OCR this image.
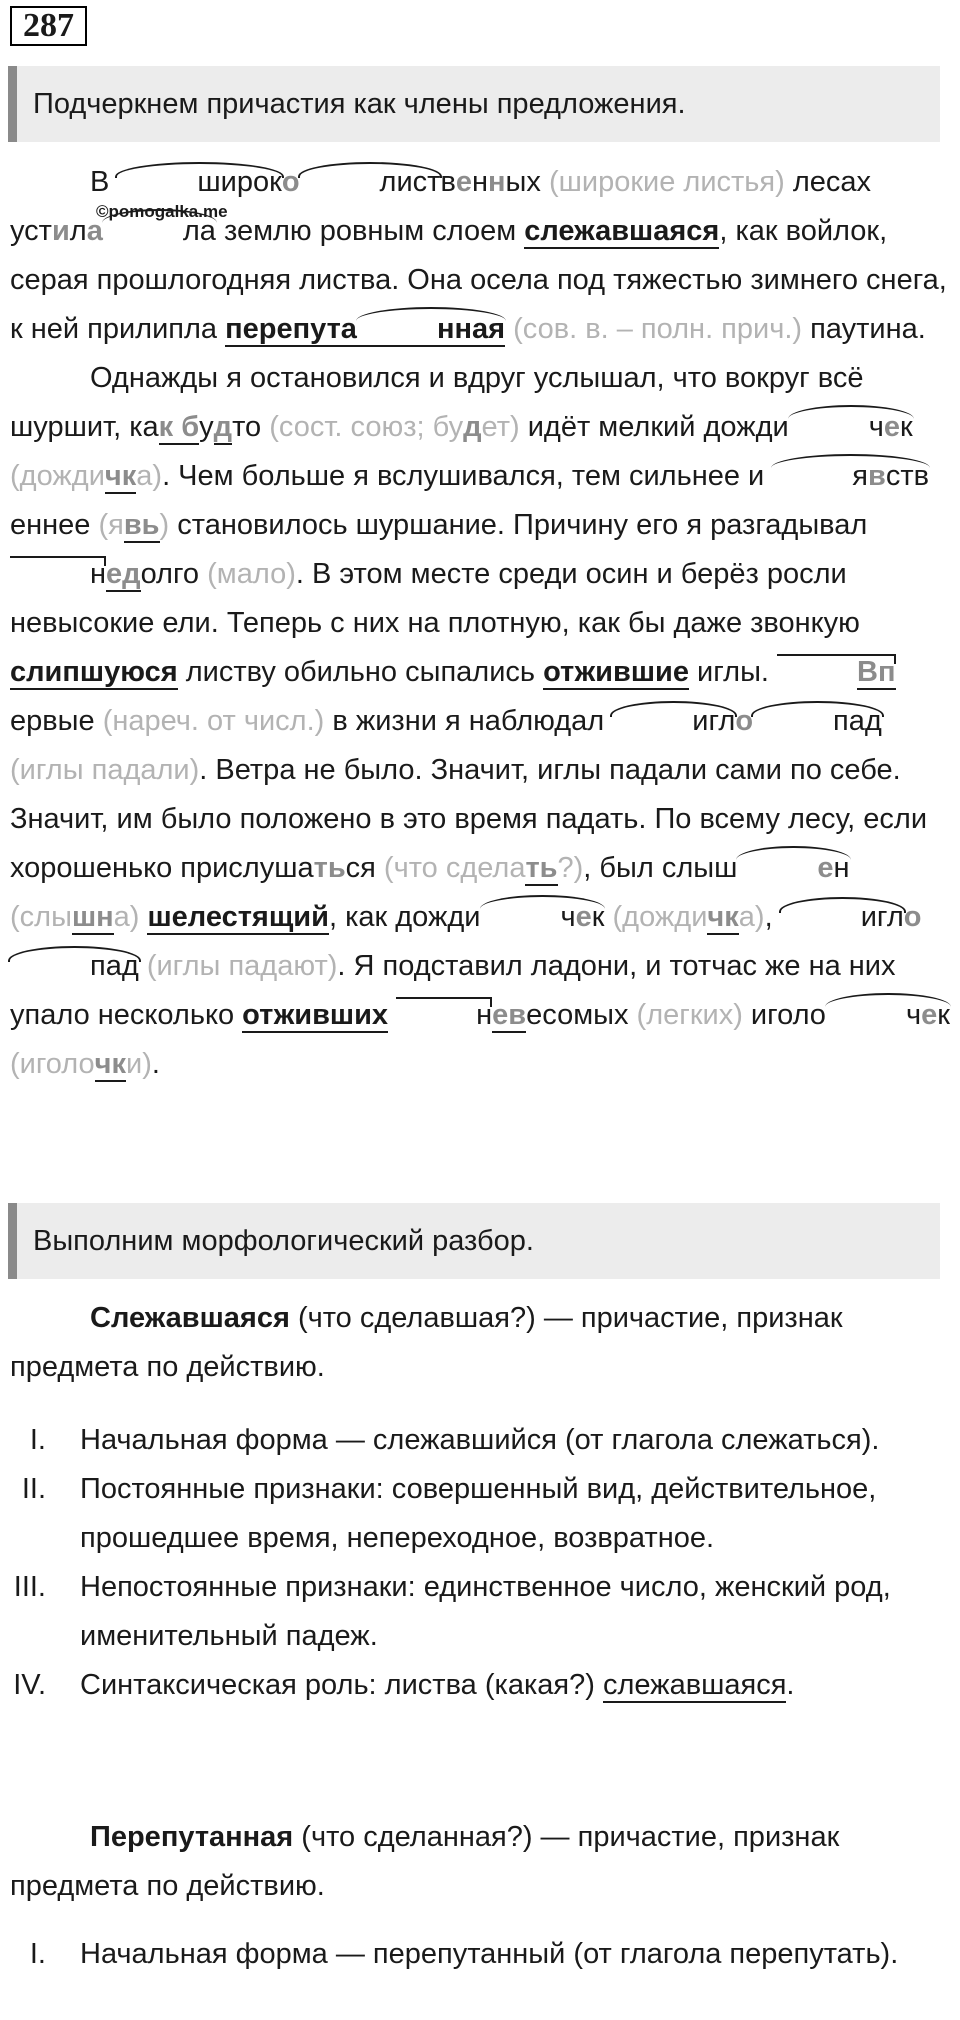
287
Подчеркнем причастия как члены предложения.
©pomogalka.me

В	широко	лиственных (широкие листья) лесах устила	ла землю ровным слоем слежавшаяся, как войлок, серая прошлогодняя листва. Она осела под тяжестью зимнего снега, к ней прилипла перепута	нная (сов. в. – полн. прич.) паутина.

Однажды я остановился и вдруг услышал, что вокруг всё шуршит, как будто (сост. союз; будет) идёт мелкий дожди	чек (дождичка). Чем больше я вслушивался, тем сильнее и	явственнее (явь) становилось шуршание. Причину его я разгадывал недолго (мало). В этом месте среди осин и берёз росли невысокие ели. Теперь с них на плотную, как бы даже звонкую слипшуюся листву обильно сыпались отжившие иглы.	Впервые (нареч. от числ.) в жизни я наблюдал	игло	пад (иглы падали). Ветра не было. Значит, иглы падали сами по себе. Значит, им было положено в это время падать. По всему лесу, если хорошенько прислушаться (что сделать?), был слыш	ен (слышна) шелестящий, как дожди	чек (дождичка),	иглопад (иглы падают). Я подставил ладони, и тотчас же на них упало несколько отживших	невесомых (легких) иголо	чек (иголочки).

Выполним морфологический разбор.

Слежавшаяся (что сделавшая?) — причастие, признак предмета по действию.

I. Начальная форма — слежавшийся (от глагола слежаться).
II. Постоянные признаки: совершенный вид, действительное, прошедшее время, непереходное, возвратное.
III. Непостоянные признаки: единственное число, женский род, именительный падеж.
IV. Синтаксическая роль: листва (какая?) слежавшаяся.

Перепутанная (что сделанная?) — причастие, признак предмета по действию.

I. Начальная форма — перепутанный (от глагола перепутать).
